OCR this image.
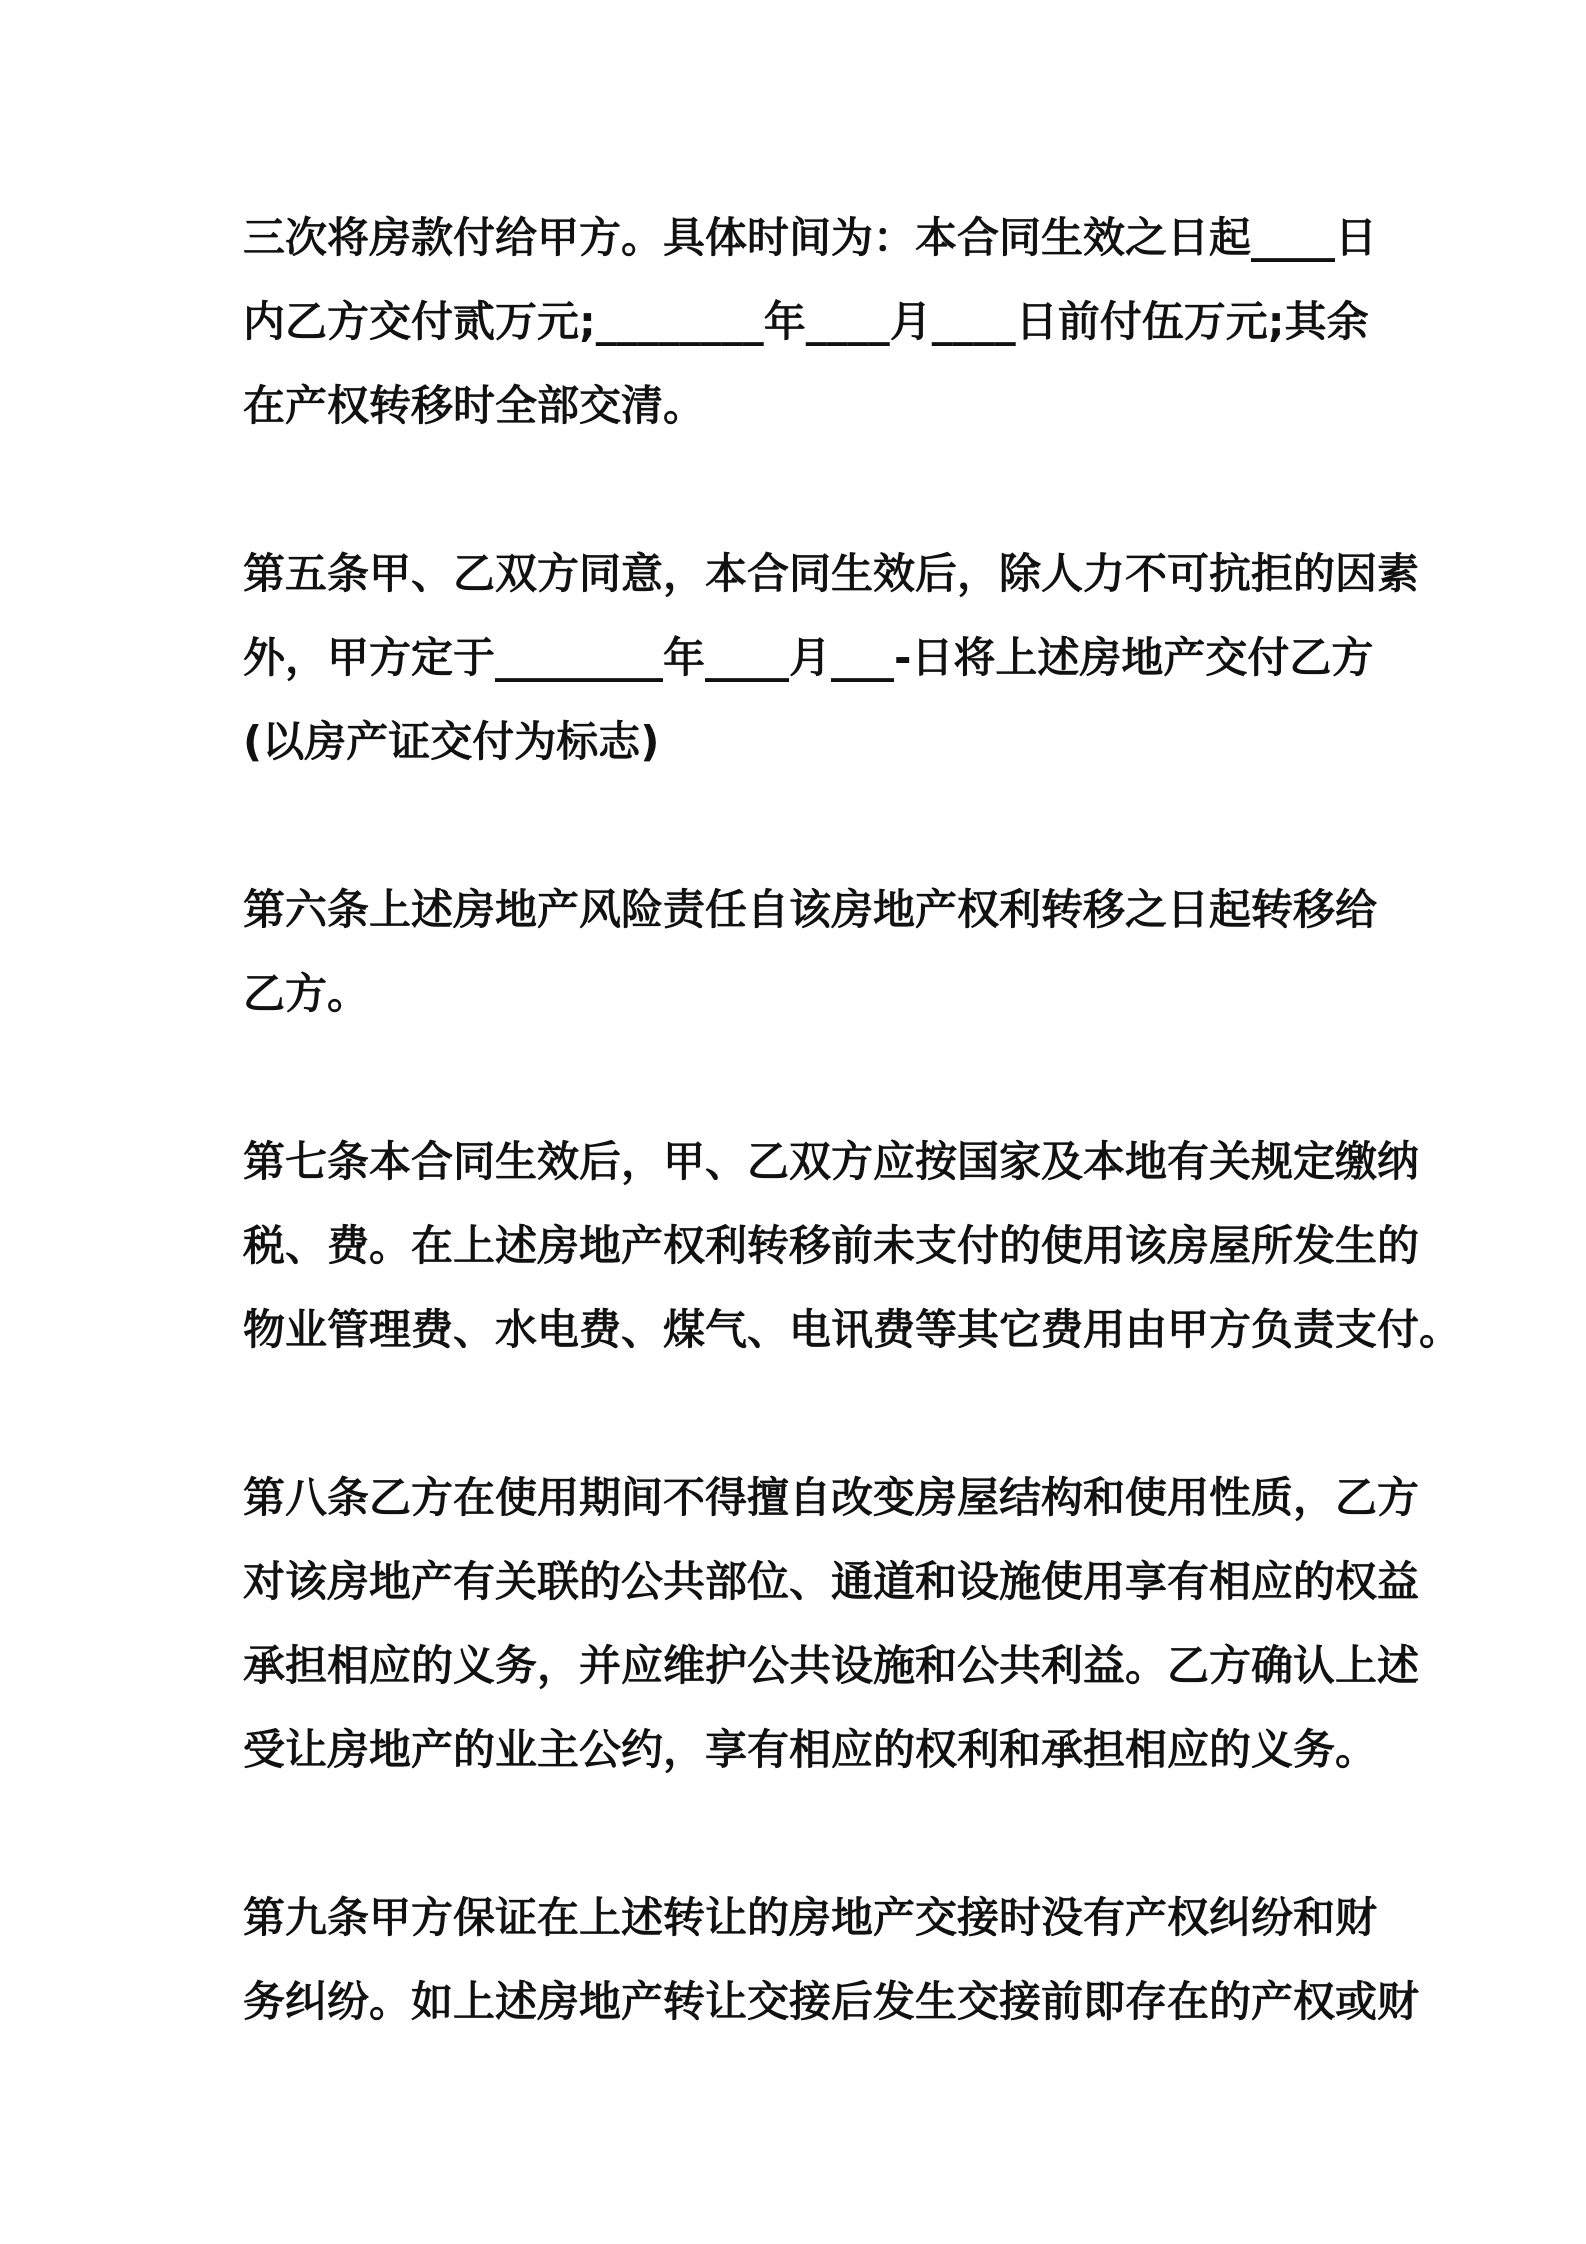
三次将房款付给甲方。具体时间为：本合同生效之日起____日
内乙方交付贰万元;________年____月____日前付伍万元;其余
在产权转移时全部交清。

第五条甲、乙双方同意，本合同生效后，除人力不可抗拒的因素
外，甲方定于________年____月___-日将上述房地产交付乙方
(以房产证交付为标志)

第六条上述房地产风险责任自该房地产权利转移之日起转移给
乙方。

第七条本合同生效后，甲、乙双方应按国家及本地有关规定缴纳
税、费。在上述房地产权利转移前未支付的使用该房屋所发生的
物业管理费、水电费、煤气、电讯费等其它费用由甲方负责支付。

第八条乙方在使用期间不得擅自改变房屋结构和使用性质，乙方
对该房地产有关联的公共部位、通道和设施使用享有相应的权益
承担相应的义务，并应维护公共设施和公共利益。乙方确认上述
受让房地产的业主公约，享有相应的权利和承担相应的义务。

第九条甲方保证在上述转让的房地产交接时没有产权纠纷和财
务纠纷。如上述房地产转让交接后发生交接前即存在的产权或财
